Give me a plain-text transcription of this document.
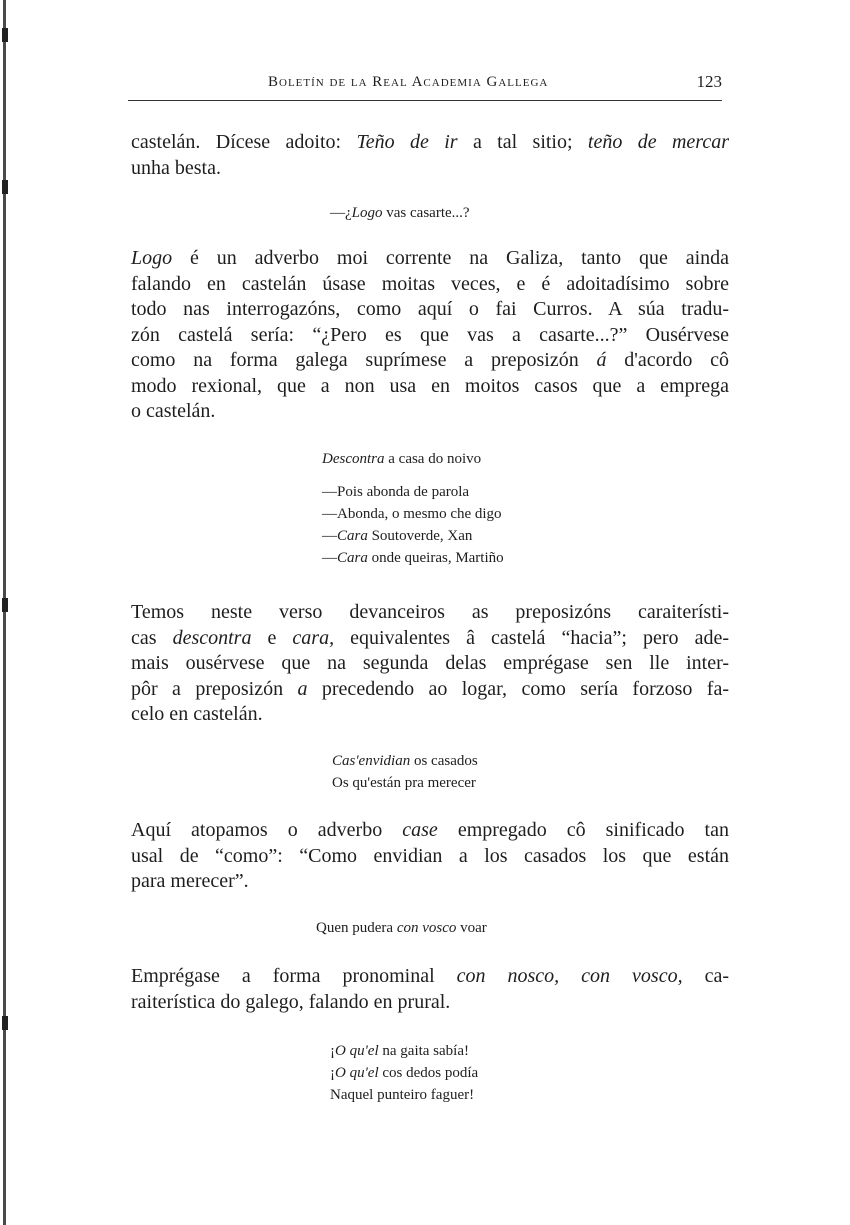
Boletín de la Real Academia Gallega	123
castelán. Dícese adoito: Teño de ir a tal sitio; teño de mercar
unha besta.
—¿Logo vas casarte...?
Logo é un adverbo moi corrente na Galiza, tanto que ainda
falando en castelán úsase moitas veces, e é adoitadísimo sobre
todo nas interrogazóns, como aquí o fai Curros. A súa tradu-
zón castelá sería: “¿Pero es que vas a casarte...?” Ousérvese
como na forma galega suprímese a preposizón á d'acordo cô
modo rexional, que a non usa en moitos casos que a emprega
o castelán.
Descontra a casa do noivo
—Pois abonda de parola
—Abonda, o mesmo che digo
—Cara Soutoverde, Xan
—Cara onde queiras, Martiño
Temos neste verso devanceiros as preposizóns caraiterísti-
cas descontra e cara, equivalentes â castelá “hacia”; pero ade-
mais ousérvese que na segunda delas emprégase sen lle inter-
pôr a preposizón a precedendo ao logar, como sería forzoso fa-
celo en castelán.
Cas'envidian os casados
Os qu'están pra merecer
Aquí atopamos o adverbo case empregado cô sinificado tan
usal de “como”: “Como envidian a los casados los que están
para merecer”.
Quen pudera con vosco voar
Emprégase a forma pronominal con nosco, con vosco, ca-
raiterística do galego, falando en prural.
¡O qu'el na gaita sabía!
¡O qu'el cos dedos podía
Naquel punteiro faguer!
